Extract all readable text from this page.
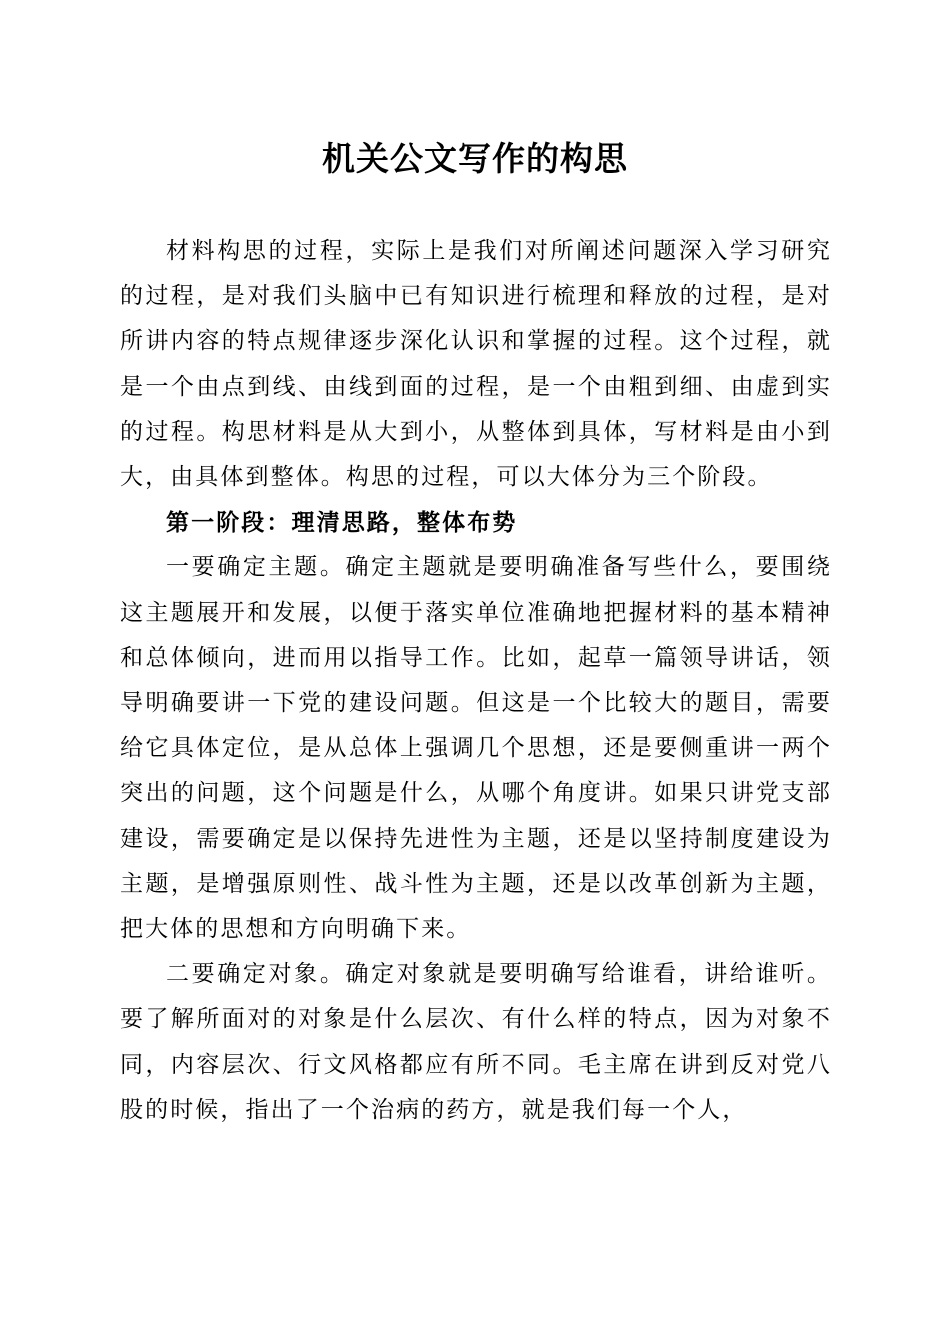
机关公文写作的构思

材料构思的过程，实际上是我们对所阐述问题深入学习研究的过程，是对我们头脑中已有知识进行梳理和释放的过程，是对所讲内容的特点规律逐步深化认识和掌握的过程。这个过程，就是一个由点到线、由线到面的过程，是一个由粗到细、由虚到实的过程。构思材料是从大到小，从整体到具体，写材料是由小到大，由具体到整体。构思的过程，可以大体分为三个阶段。

第一阶段：理清思路，整体布势

一要确定主题。确定主题就是要明确准备写些什么，要围绕这主题展开和发展，以便于落实单位准确地把握材料的基本精神和总体倾向，进而用以指导工作。比如，起草一篇领导讲话，领导明确要讲一下党的建设问题。但这是一个比较大的题目，需要给它具体定位，是从总体上强调几个思想，还是要侧重讲一两个突出的问题，这个问题是什么，从哪个角度讲。如果只讲党支部建设，需要确定是以保持先进性为主题，还是以坚持制度建设为主题，是增强原则性、战斗性为主题，还是以改革创新为主题，把大体的思想和方向明确下来。

二要确定对象。确定对象就是要明确写给谁看，讲给谁听。要了解所面对的对象是什么层次、有什么样的特点，因为对象不同，内容层次、行文风格都应有所不同。毛主席在讲到反对党八股的时候，指出了一个治病的药方，就是我们每一个人，
